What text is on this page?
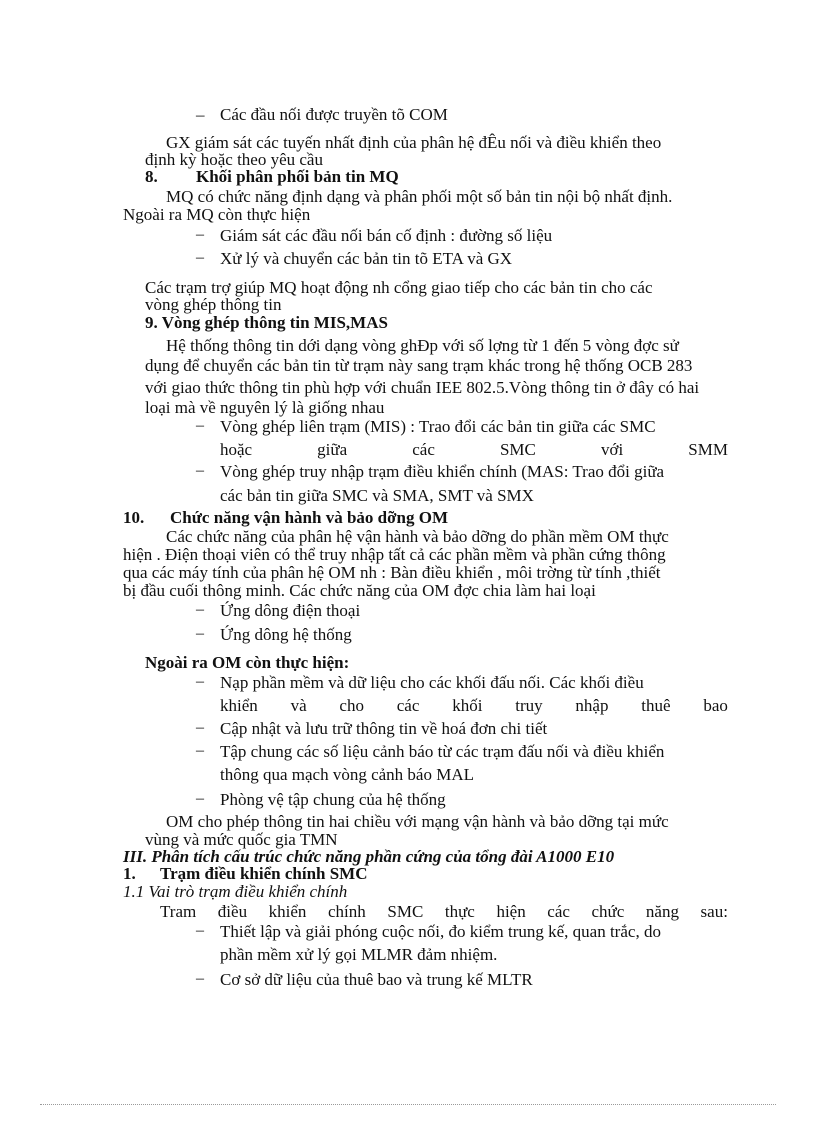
– Các đầu nối được truyền tõ COM
GX giám sát các tuyến nhất định của phân hệ đÊu nối và điều khiển theo
định kỳ hoặc theo yêu cầu
8. Khối phân phối bản tin MQ
MQ có chức năng định dạng và phân phối một số bản tin nội bộ nhất định.
Ngoài ra MQ còn thực hiện
– Giám sát các đầu nối bán cố định : đường số liệu
– Xử lý và chuyển các bản tin tõ ETA và GX
Các trạm trợ giúp MQ hoạt động nh cổng giao tiếp cho các bản tin cho các
vòng ghép thông tin
9. Vòng ghép thông tin MIS,MAS
Hệ thống thông tin dới dạng vòng ghĐp với số lợng từ 1 đến 5 vòng đợc sử
dụng để chuyển các bản tin từ trạm này sang trạm khác trong hệ thống OCB 283
với giao thức thông tin phù hợp với chuẩn IEE 802.5.Vòng thông tin ở đây có hai
loại mà về nguyên lý là giống nhau
– Vòng ghép liên trạm (MIS) : Trao đổi các bản tin giữa các SMC
hoặc	giữa	các	SMC	với	SMM
– Vòng ghép truy nhập trạm điều khiển chính (MAS: Trao đổi giữa
các bản tin giữa SMC và SMA, SMT và SMX
10. Chức năng vận hành và bảo dỡng OM
Các chức năng của phân hệ vận hành và bảo dỡng do phần mềm OM thực
hiện . Điện thoại viên có thể truy nhập tất cả các phần mềm và phần cứng thông
qua các máy tính của phân hệ OM nh : Bàn điều khiển , môi trờng từ tính ,thiết
bị đầu cuối thông minh. Các chức năng của OM đợc chia làm hai loại
– Ứng dông điện thoại
– Ứng dông hệ thống
Ngoài ra OM còn thực hiện:
– Nạp phần mềm và dữ liệu cho các khối đấu nối. Các khối điều
khiển và cho các khối truy nhập thuê bao
– Cập nhật và lưu trữ thông tin về hoá đơn chi tiết
– Tập chung các số liệu cảnh báo từ các trạm đấu nối và điều khiển
thông qua mạch vòng cảnh báo MAL
– Phòng vệ tập chung của hệ thống
OM cho phép thông tin hai chiều với mạng vận hành và bảo dỡng tại mức
vùng và mức quốc gia TMN
III. Phân tích cấu trúc chức năng phần cứng của tổng đài A1000 E10
1. Trạm điều khiển chính SMC
1.1 Vai trò trạm điều khiển chính
Tram điều khiển chính SMC thực hiện các chức năng sau:
– Thiết lập và giải phóng cuộc nối, đo kiểm trung kế, quan trắc, do
phần mềm xử lý gọi MLMR đảm nhiệm.
– Cơ sở dữ liệu của thuê bao và trung kế MLTR
